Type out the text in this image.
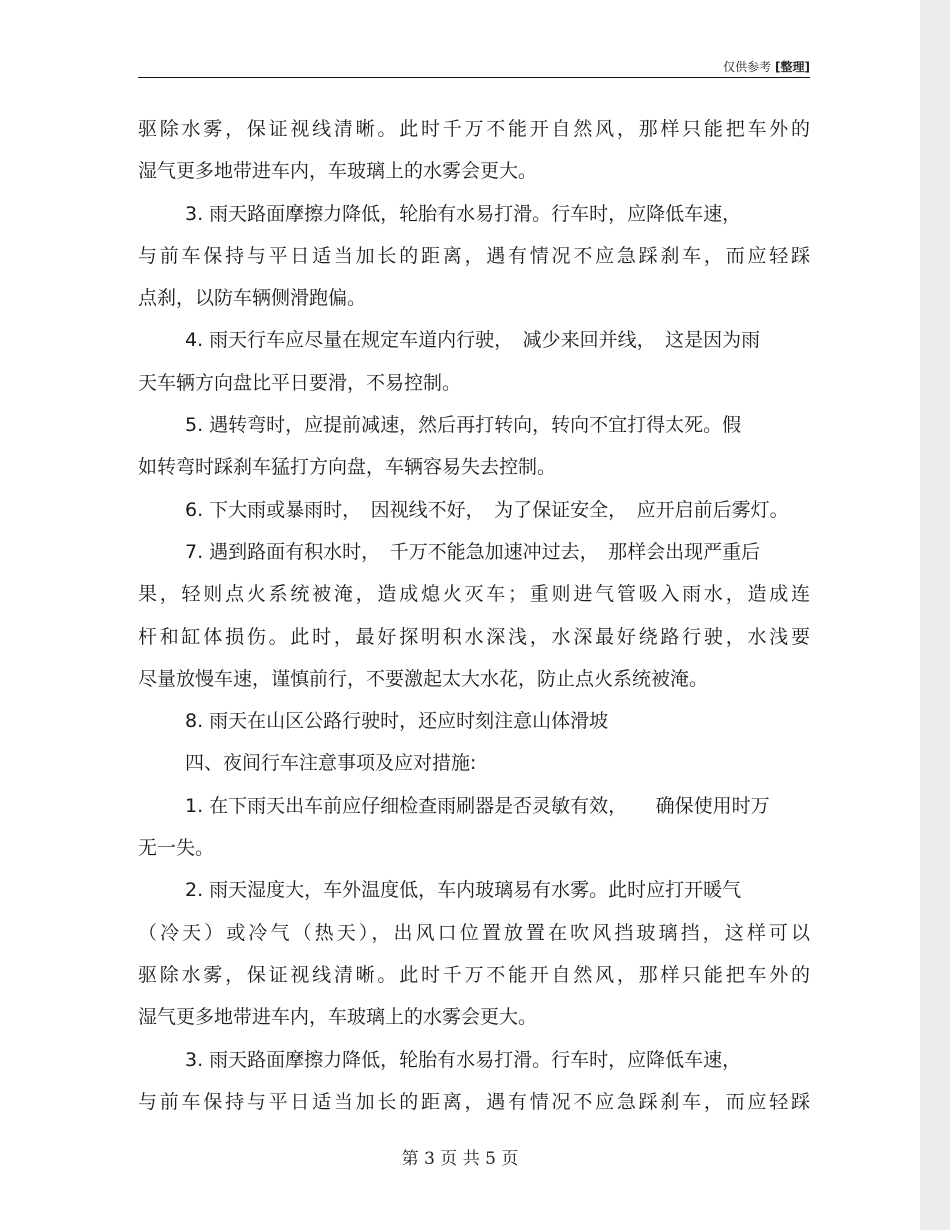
仅供参考 [整理]
驱除水雾，保证视线清晰。此时千万不能开自然风，那样只能把车外的
湿气更多地带进车内，车玻璃上的水雾会更大。
3. 雨天路面摩擦力降低，轮胎有水易打滑。行车时，应降低车速，
与前车保持与平日适当加长的距离，遇有情况不应急踩刹车，而应轻踩
点刹，以防车辆侧滑跑偏。
4. 雨天行车应尽量在规定车道内行驶，　减少来回并线，　这是因为雨
天车辆方向盘比平日要滑，不易控制。
5. 遇转弯时，应提前减速，然后再打转向，转向不宜打得太死。假
如转弯时踩刹车猛打方向盘，车辆容易失去控制。
6. 下大雨或暴雨时，　因视线不好，　为了保证安全，　应开启前后雾灯。
7. 遇到路面有积水时，　千万不能急加速冲过去，　那样会出现严重后
果，轻则点火系统被淹，造成熄火灭车；重则进气管吸入雨水，造成连
杆和缸体损伤。此时，最好探明积水深浅，水深最好绕路行驶，水浅要
尽量放慢车速，谨慎前行，不要激起太大水花，防止点火系统被淹。
8. 雨天在山区公路行驶时，还应时刻注意山体滑坡
四、夜间行车注意事项及应对措施:
1. 在下雨天出车前应仔细检查雨刷器是否灵敏有效，　　确保使用时万
无一失。
2. 雨天湿度大，车外温度低，车内玻璃易有水雾。此时应打开暖气
（冷天）或冷气（热天），出风口位置放置在吹风挡玻璃挡，这样可以
驱除水雾，保证视线清晰。此时千万不能开自然风，那样只能把车外的
湿气更多地带进车内，车玻璃上的水雾会更大。
3. 雨天路面摩擦力降低，轮胎有水易打滑。行车时，应降低车速，
与前车保持与平日适当加长的距离，遇有情况不应急踩刹车，而应轻踩
第 3 页 共 5 页
